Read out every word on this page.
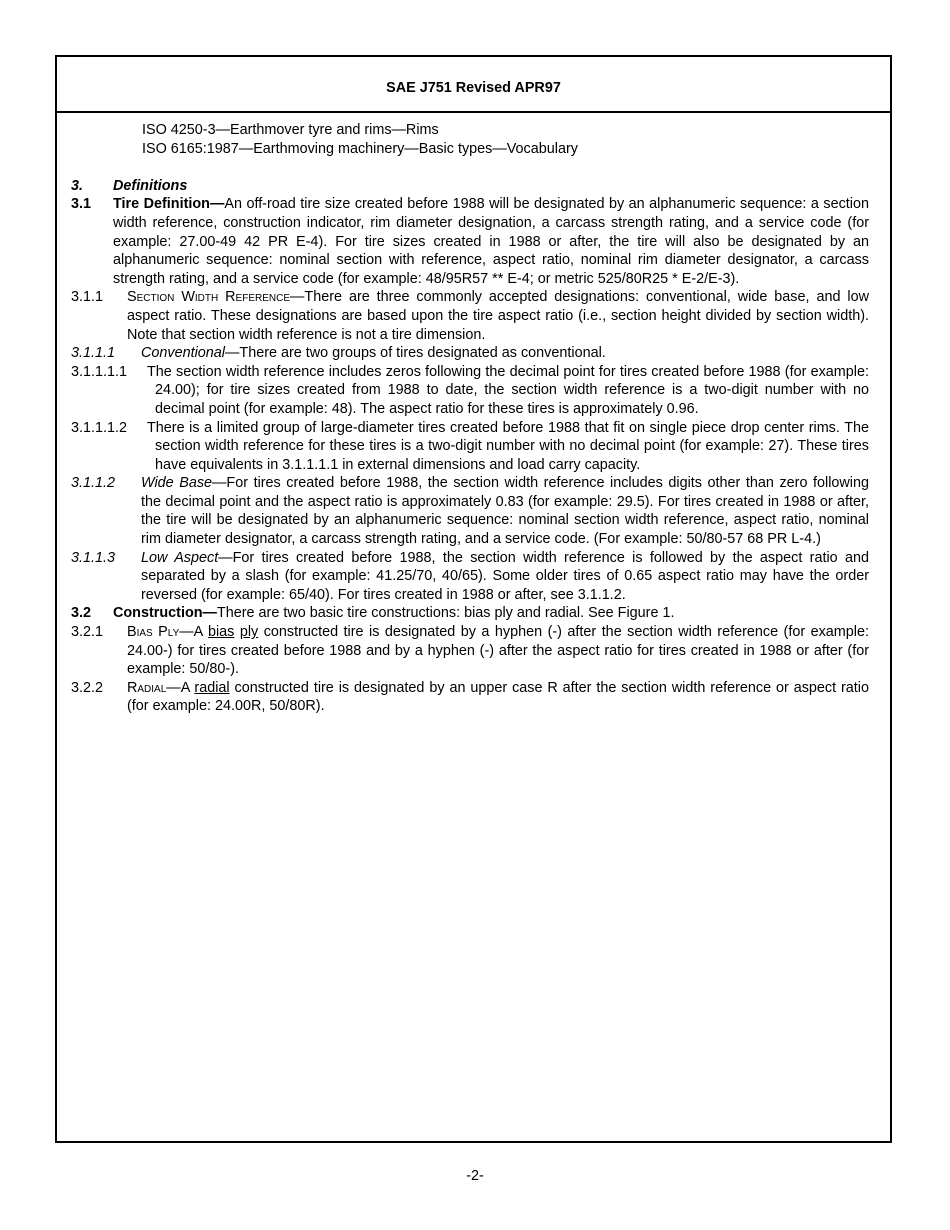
SAE J751 Revised APR97

ISO 4250-3—Earthmover tyre and rims—Rims

ISO 6165:1987—Earthmoving machinery—Basic types—Vocabulary

3. Definitions

3.1 Tire Definition—An off-road tire size created before 1988 will be designated by an alphanumeric sequence: a section width reference, construction indicator, rim diameter designation, a carcass strength rating, and a service code (for example: 27.00-49 42 PR E-4). For tire sizes created in 1988 or after, the tire will also be designated by an alphanumeric sequence: nominal section with reference, aspect ratio, nominal rim diameter designator, a carcass strength rating, and a service code (for example: 48/95R57 ** E-4; or metric 525/80R25 * E-2/E-3).

3.1.1 Section Width Reference—There are three commonly accepted designations: conventional, wide base, and low aspect ratio. These designations are based upon the tire aspect ratio (i.e., section height divided by section width). Note that section width reference is not a tire dimension.

3.1.1.1 Conventional—There are two groups of tires designated as conventional.

3.1.1.1.1 The section width reference includes zeros following the decimal point for tires created before 1988 (for example: 24.00); for tire sizes created from 1988 to date, the section width reference is a two-digit number with no decimal point (for example: 48). The aspect ratio for these tires is approximately 0.96.

3.1.1.1.2 There is a limited group of large-diameter tires created before 1988 that fit on single piece drop center rims. The section width reference for these tires is a two-digit number with no decimal point (for example: 27). These tires have equivalents in 3.1.1.1.1 in external dimensions and load carry capacity.

3.1.1.2 Wide Base—For tires created before 1988, the section width reference includes digits other than zero following the decimal point and the aspect ratio is approximately 0.83 (for example: 29.5). For tires created in 1988 or after, the tire will be designated by an alphanumeric sequence: nominal section width reference, aspect ratio, nominal rim diameter designator, a carcass strength rating, and a service code. (For example: 50/80-57 68 PR L-4.)

3.1.1.3 Low Aspect—For tires created before 1988, the section width reference is followed by the aspect ratio and separated by a slash (for example: 41.25/70, 40/65). Some older tires of 0.65 aspect ratio may have the order reversed (for example: 65/40). For tires created in 1988 or after, see 3.1.1.2.

3.2 Construction—There are two basic tire constructions: bias ply and radial. See Figure 1.

3.2.1 Bias Ply—A bias ply constructed tire is designated by a hyphen (-) after the section width reference (for example: 24.00-) for tires created before 1988 and by a hyphen (-) after the aspect ratio for tires created in 1988 or after (for example: 50/80-).

3.2.2 Radial—A radial constructed tire is designated by an upper case R after the section width reference or aspect ratio (for example: 24.00R, 50/80R).

-2-
